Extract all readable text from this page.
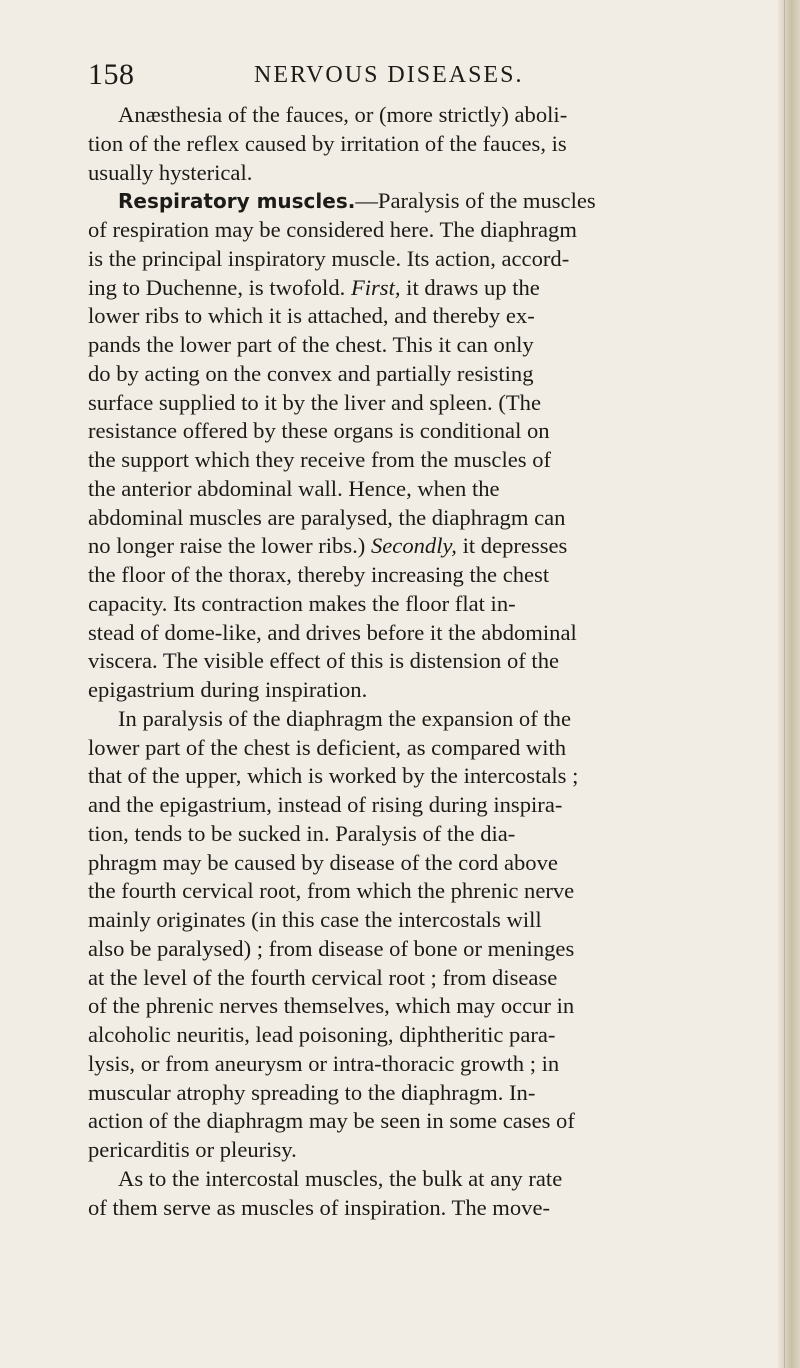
158	NERVOUS DISEASES.
Anæsthesia of the fauces, or (more strictly) aboli-
tion of the reflex caused by irritation of the fauces, is
usually hysterical.
Respiratory muscles.—Paralysis of the muscles
of respiration may be considered here. The diaphragm
is the principal inspiratory muscle. Its action, accord-
ing to Duchenne, is twofold. First, it draws up the
lower ribs to which it is attached, and thereby ex-
pands the lower part of the chest. This it can only
do by acting on the convex and partially resisting
surface supplied to it by the liver and spleen. (The
resistance offered by these organs is conditional on
the support which they receive from the muscles of
the anterior abdominal wall. Hence, when the
abdominal muscles are paralysed, the diaphragm can
no longer raise the lower ribs.) Secondly, it depresses
the floor of the thorax, thereby increasing the chest
capacity. Its contraction makes the floor flat in-
stead of dome-like, and drives before it the abdominal
viscera. The visible effect of this is distension of the
epigastrium during inspiration.
In paralysis of the diaphragm the expansion of the
lower part of the chest is deficient, as compared with
that of the upper, which is worked by the intercostals ;
and the epigastrium, instead of rising during inspira-
tion, tends to be sucked in. Paralysis of the dia-
phragm may be caused by disease of the cord above
the fourth cervical root, from which the phrenic nerve
mainly originates (in this case the intercostals will
also be paralysed) ; from disease of bone or meninges
at the level of the fourth cervical root ; from disease
of the phrenic nerves themselves, which may occur in
alcoholic neuritis, lead poisoning, diphtheritic para-
lysis, or from aneurysm or intra-thoracic growth ; in
muscular atrophy spreading to the diaphragm. In-
action of the diaphragm may be seen in some cases of
pericarditis or pleurisy.
As to the intercostal muscles, the bulk at any rate
of them serve as muscles of inspiration. The move-
